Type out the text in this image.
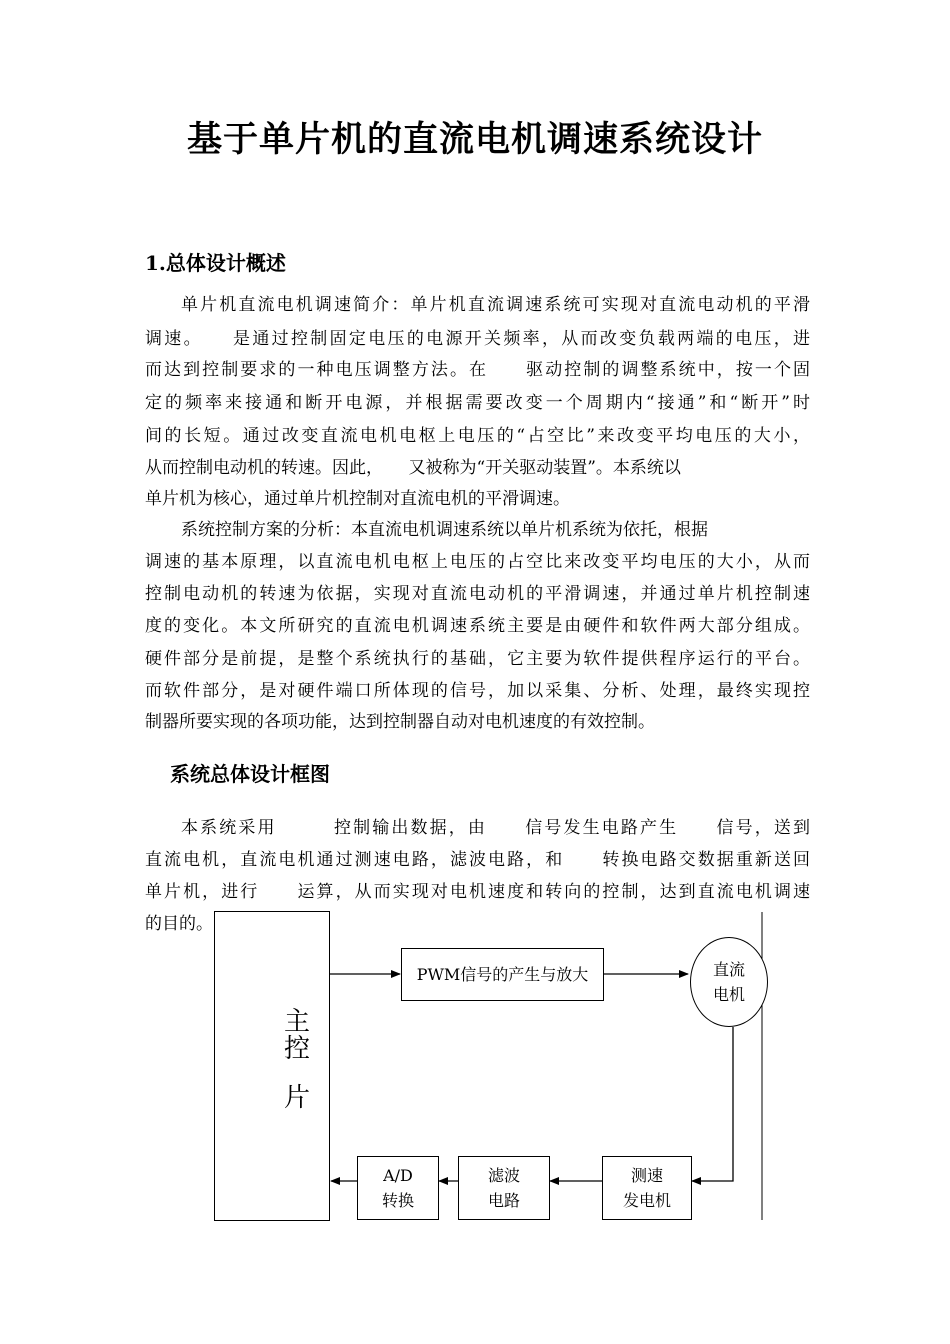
基于单片机的直流电机调速系统设计
1.总体设计概述

单片机直流电机调速简介：单片机直流调速系统可实现对直流电动机的平滑

调速。　　是通过控制固定电压的电源开关频率，从而改变负载两端的电压，进

而达到控制要求的一种电压调整方法。在　　驱动控制的调整系统中，按一个固

定的频率来接通和断开电源，并根据需要改变一个周期内“接通”和“断开”时

间的长短。通过改变直流电机电枢上电压的“占空比”来改变平均电压的大小，

从而控制电动机的转速。因此，　　又被称为“开关驱动装置”。本系统以

单片机为核心，通过单片机控制对直流电机的平滑调速。

系统控制方案的分析：本直流电机调速系统以单片机系统为依托，根据

调速的基本原理，以直流电机电枢上电压的占空比来改变平均电压的大小，从而

控制电动机的转速为依据，实现对直流电动机的平滑调速，并通过单片机控制速

度的变化。本文所研究的直流电机调速系统主要是由硬件和软件两大部分组成。

硬件部分是前提，是整个系统执行的基础，它主要为软件提供程序运行的平台。

而软件部分，是对硬件端口所体现的信号，加以采集、分析、处理，最终实现控

制器所要实现的各项功能，达到控制器自动对电机速度的有效控制。

系统总体设计框图

本系统采用　　　控制输出数据，由　　信号发生电路产生　　信号，送到

直流电机，直流电机通过测速电路，滤波电路，和　　转换电路交数据重新送回

单片机，进行　　运算，从而实现对电机速度和转向的控制，达到直流电机调速

的目的。

主
控
片
PWM信号的产生与放大	直流
电机
测速
发电机
滤波
电路
A/D
转换
